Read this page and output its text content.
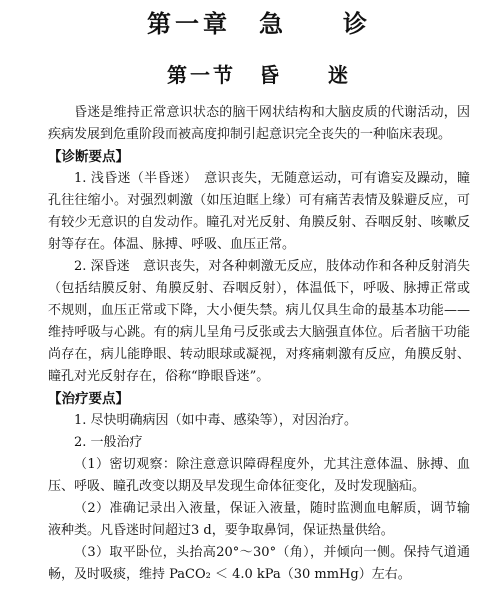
第一章　急　　诊
第一节　昏　　迷

昏迷是维持正常意识状态的脑干网状结构和大脑皮质的代谢活动，因疾病发展到危重阶段而被高度抑制引起意识完全丧失的一种临床表现。

【诊断要点】

1. 浅昏迷（半昏迷）　意识丧失，无随意运动，可有谵妄及躁动，瞳孔往往缩小。对强烈刺激（如压迫眶上缘）可有痛苦表情及躲避反应，可有较少无意识的自发动作。瞳孔对光反射、角膜反射、吞咽反射、咳嗽反射等存在。体温、脉搏、呼吸、血压正常。

2. 深昏迷　意识丧失，对各种刺激无反应，肢体动作和各种反射消失（包括结膜反射、角膜反射、吞咽反射），体温低下，呼吸、脉搏正常或不规则，血压正常或下降，大小便失禁。病儿仅具生命的最基本功能——维持呼吸与心跳。有的病儿呈角弓反张或去大脑强直体位。后者脑干功能尚存在，病儿能睁眼、转动眼球或凝视，对疼痛刺激有反应，角膜反射、瞳孔对光反射存在，俗称“睁眼昏迷”。

【治疗要点】

1. 尽快明确病因（如中毒、感染等），对因治疗。

2. 一般治疗

（1）密切观察：除注意意识障碍程度外，尤其注意体温、脉搏、血压、呼吸、瞳孔改变以期及早发现生命体征变化，及时发现脑疝。

（2）准确记录出入液量，保证入液量，随时监测血电解质，调节输液种类。凡昏迷时间超过3 d，要争取鼻饲，保证热量供给。

（3）取平卧位，头抬高20°～30°（角），并倾向一侧。保持气道通畅，及时吸痰，维持 PaCO₂ ＜ 4.0 kPa（30 mmHg）左右。
